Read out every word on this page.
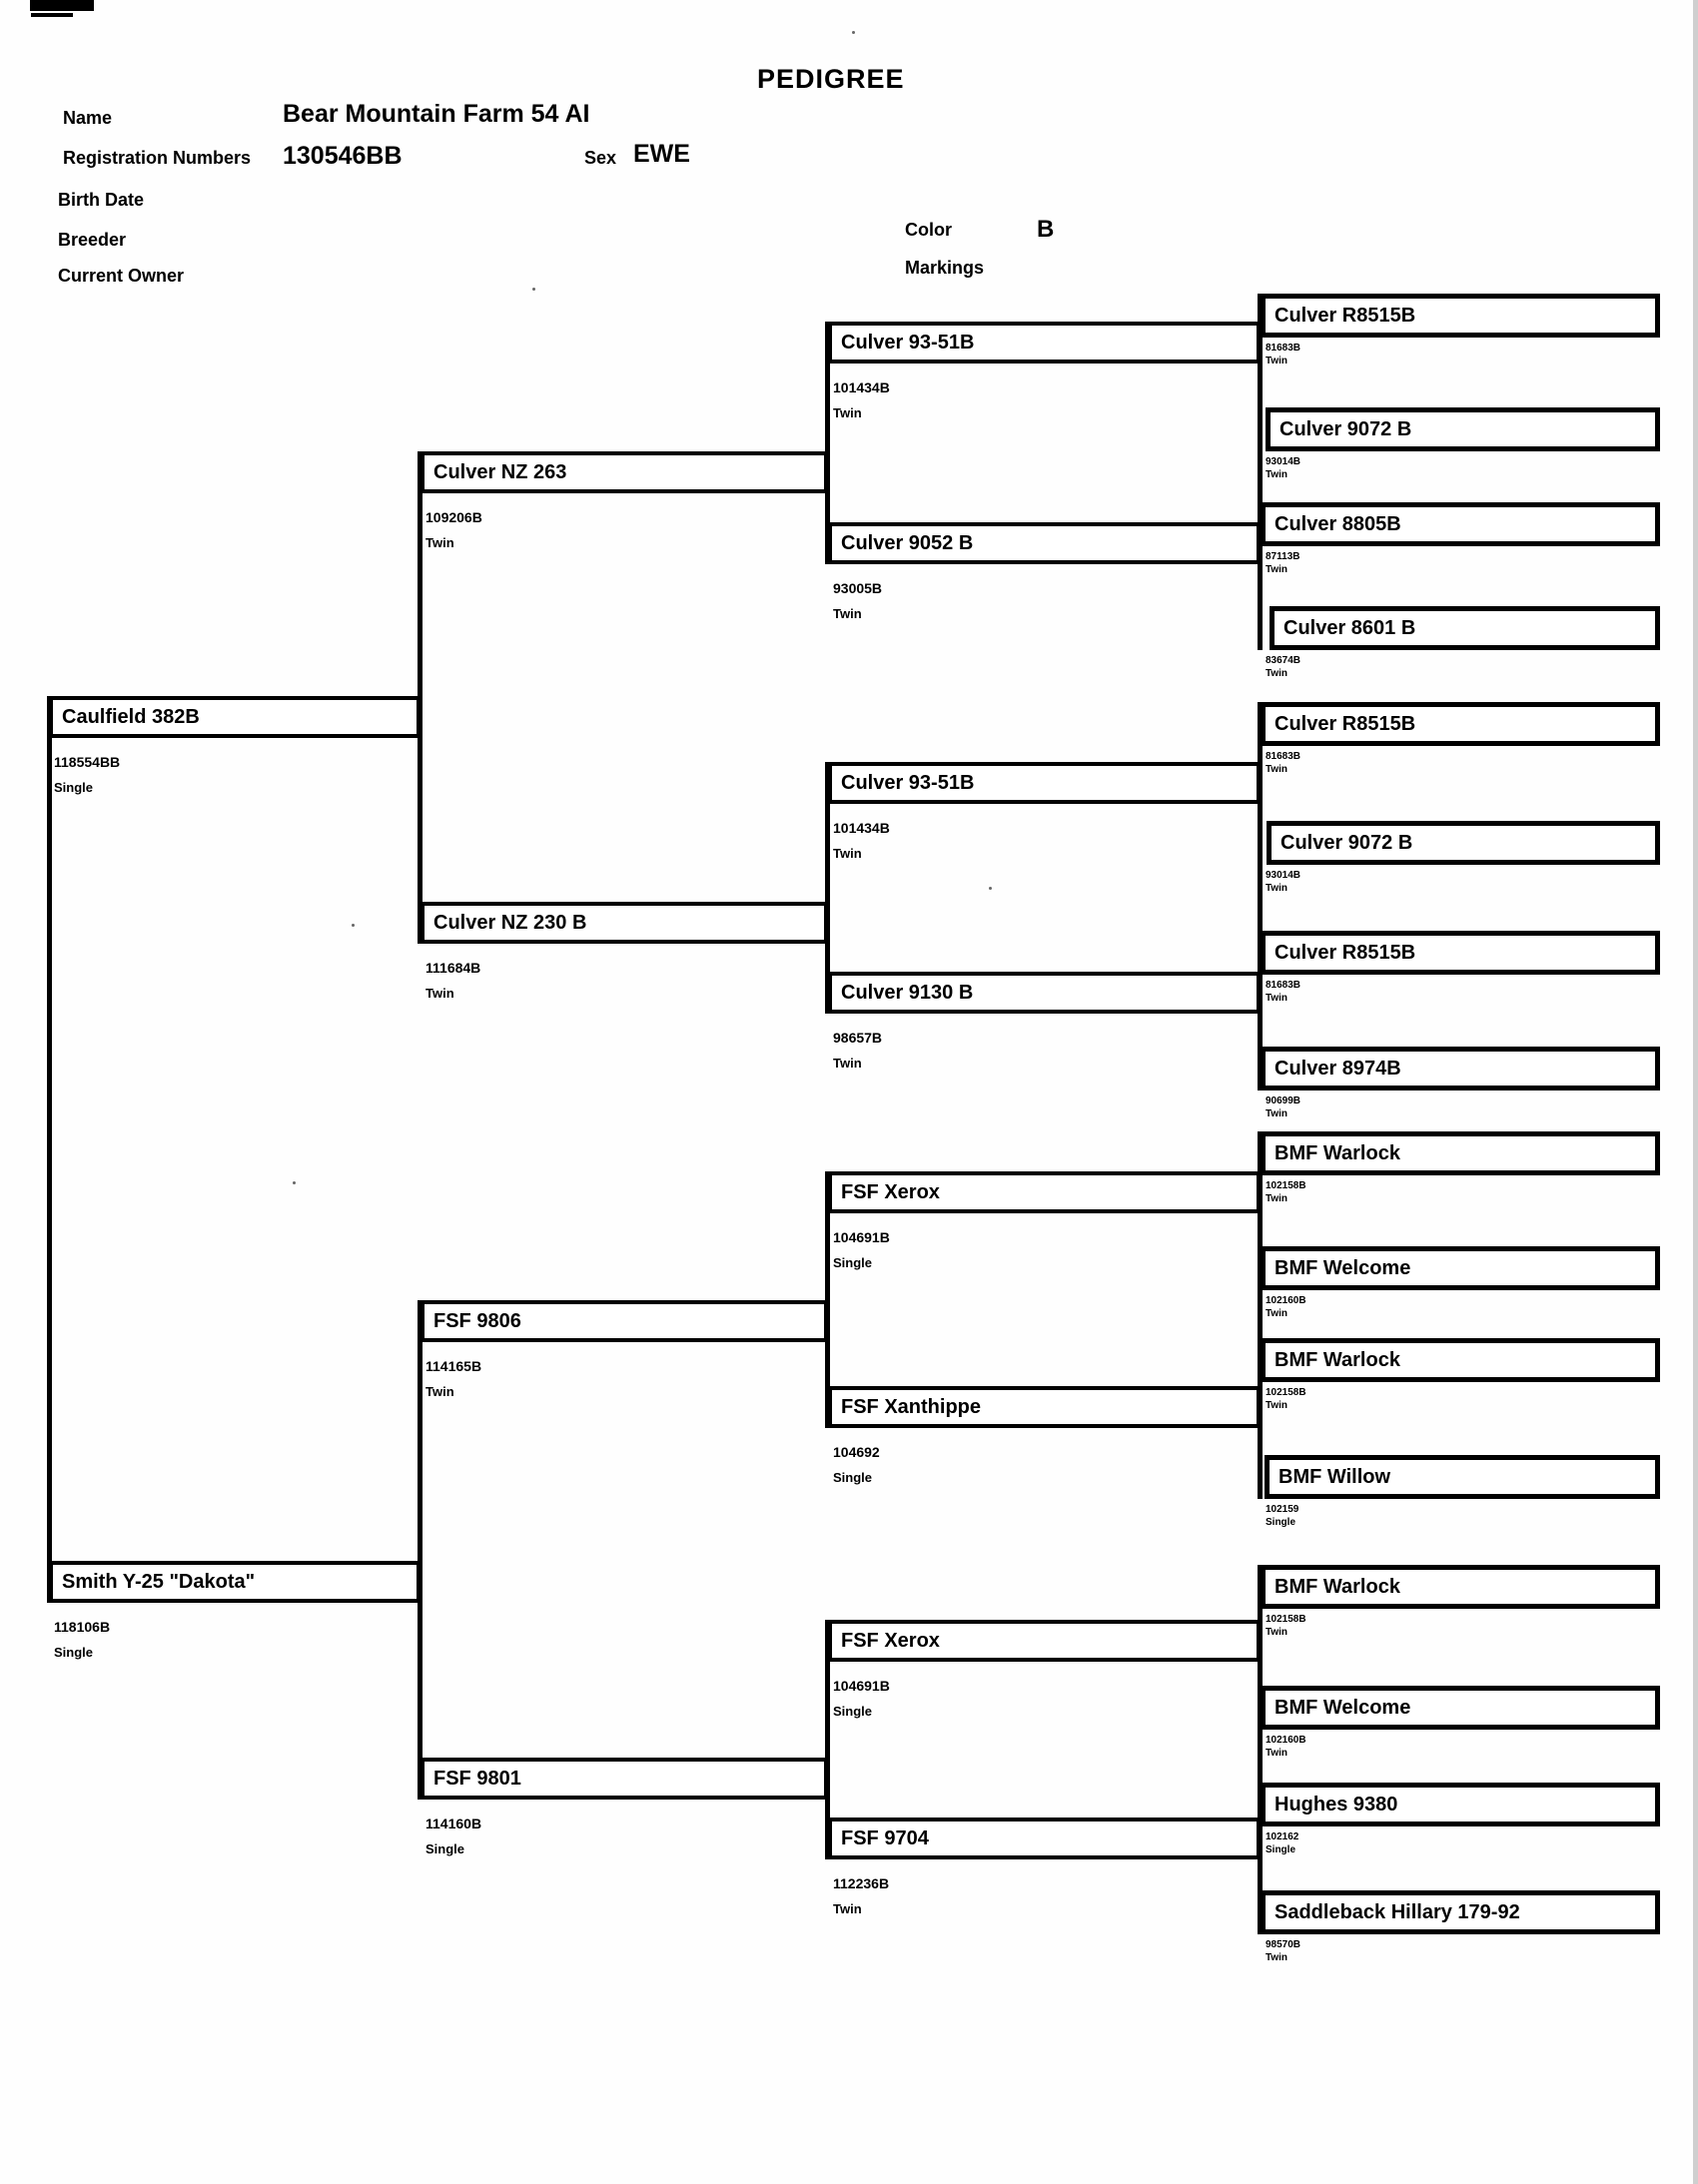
PEDIGREE
Name	Bear Mountain Farm 54 AI
Registration Numbers 130546BB	Sex EWE
Birth Date
Breeder
Current Owner
Color	B
Markings
Caulfield 382B
118554BB
Single
Smith Y-25 "Dakota"
118106B
Single
Culver NZ 263
109206B
Twin
Culver NZ 230 B
111684B
Twin
FSF 9806
114165B
Twin
FSF 9801
114160B
Single
Culver 93-51B
101434B
Twin
Culver 9052 B
93005B
Twin
Culver 93-51B
101434B
Twin
Culver 9130 B
98657B
Twin
FSF Xerox
104691B
Single
FSF Xanthippe
104692
Single
FSF Xerox
104691B
Single
FSF 9704
112236B
Twin
Culver R8515B
81683B
Twin
Culver 9072 B
93014B
Twin
Culver 8805B
87113B
Twin
Culver 8601 B
83674B
Twin
Culver R8515B
81683B
Twin
Culver 9072 B
93014B
Twin
Culver R8515B
81683B
Twin
Culver 8974B
90699B
Twin
BMF Warlock
102158B
Twin
BMF Welcome
102160B
Twin
BMF Warlock
102158B
Twin
BMF Willow
102159
Single
BMF Warlock
102158B
Twin
BMF Welcome
102160B
Twin
Hughes 9380
102162
Single
Saddleback Hillary 179-92
98570B
Twin
